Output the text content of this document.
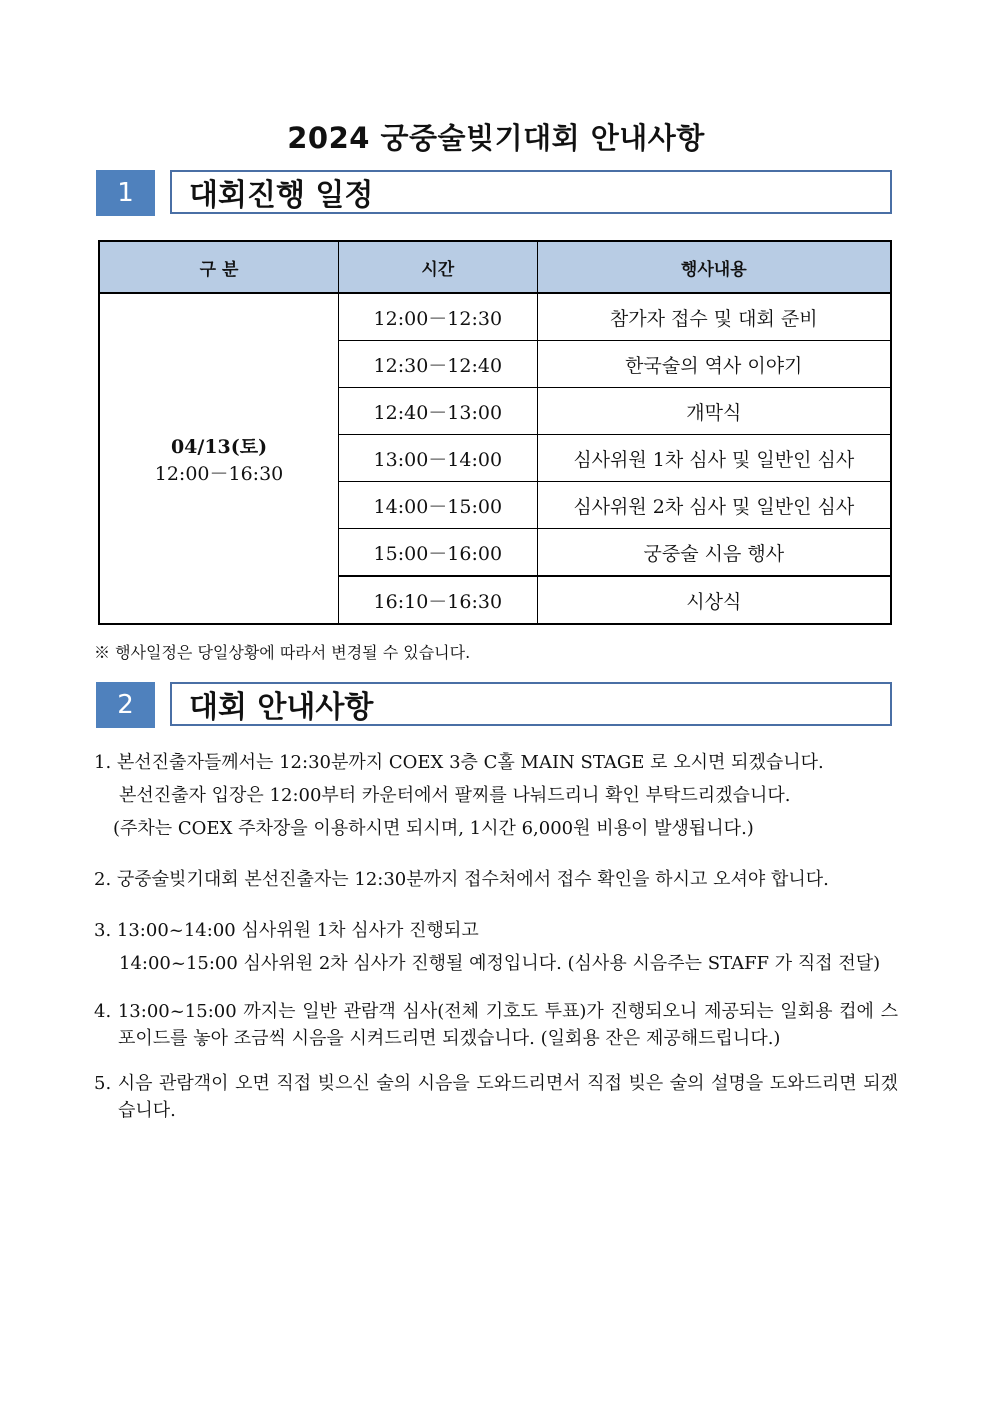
2024 궁중술빚기대회 안내사항
1	대회진행 일정
구 분	시간	행사내용

04/13(토)
12:00－16:30	12:00－12:30	참가자 접수 및 대회 준비
	12:30－12:40	한국술의 역사 이야기
	12:40－13:00	개막식
	13:00－14:00	심사위원 1차 심사 및 일반인 심사
	14:00－15:00	심사위원 2차 심사 및 일반인 심사
	15:00－16:00	궁중술 시음 행사
	16:10－16:30	시상식
※ 행사일정은 당일상황에 따라서 변경될 수 있습니다.
2	대회 안내사항
1. 본선진출자들께서는 12:30분까지 COEX 3층 C홀 MAIN STAGE 로 오시면 되겠습니다.
본선진출자 입장은 12:00부터 카운터에서 팔찌를 나눠드리니 확인 부탁드리겠습니다.
(주차는 COEX 주차장을 이용하시면 되시며, 1시간 6,000원 비용이 발생됩니다.)
2. 궁중술빚기대회 본선진출자는 12:30분까지 접수처에서 접수 확인을 하시고 오셔야 합니다.
3. 13:00~14:00 심사위원 1차 심사가 진행되고
14:00~15:00 심사위원 2차 심사가 진행될 예정입니다. (심사용 시음주는 STAFF 가 직접 전달)
4. 13:00~15:00 까지는 일반 관람객 심사(전체 기호도 투표)가 진행되오니 제공되는 일회용 컵에 스포이드를 놓아 조금씩 시음을 시켜드리면 되겠습니다. (일회용 잔은 제공해드립니다.)
5. 시음 관람객이 오면 직접 빚으신 술의 시음을 도와드리면서 직접 빚은 술의 설명을 도와드리면 되겠습니다.
